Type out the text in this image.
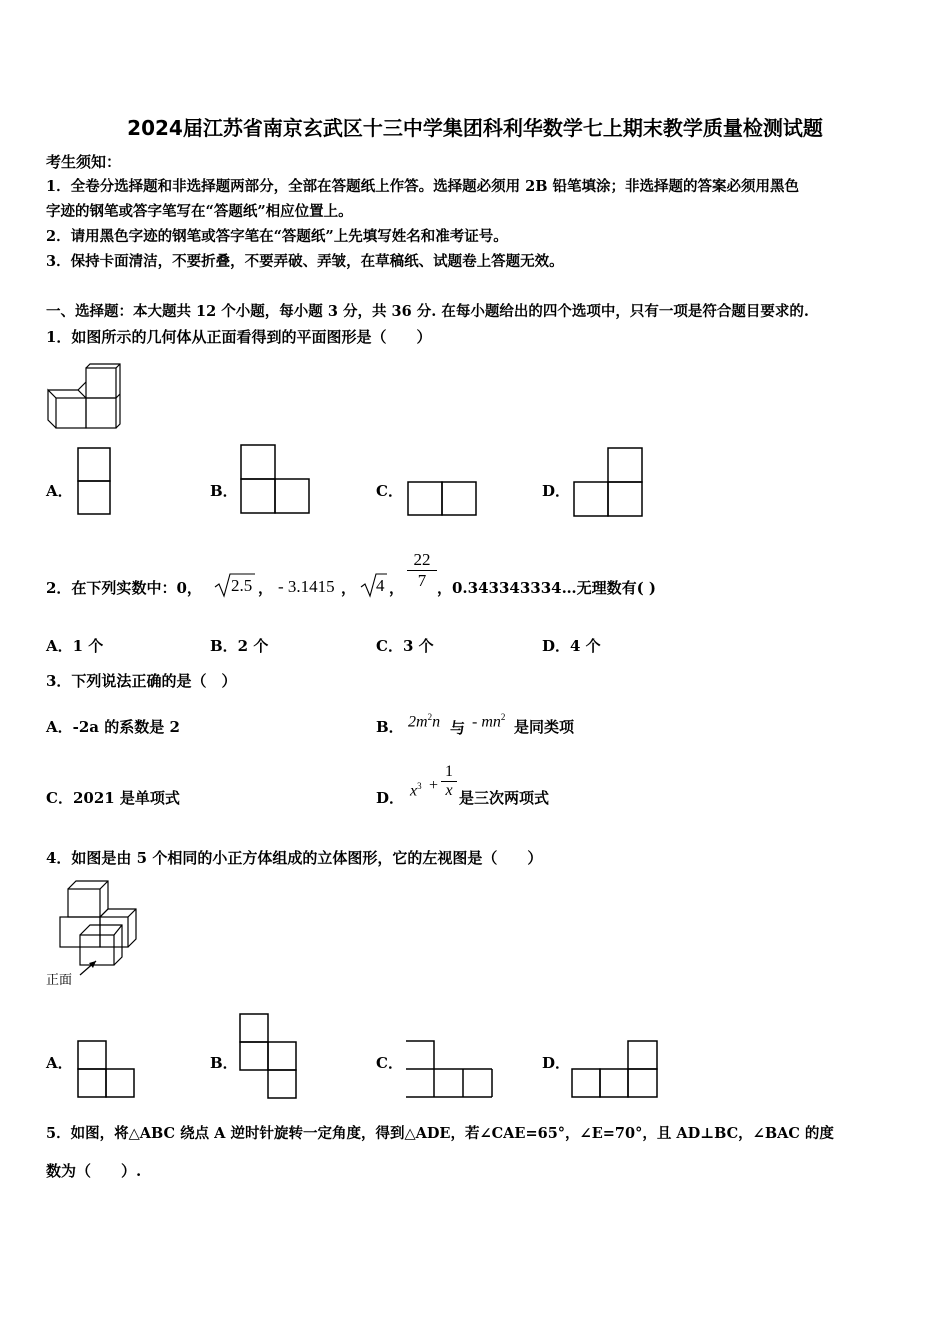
2024届江苏省南京玄武区十三中学集团科利华数学七上期末教学质量检测试题
考生须知：
1．全卷分选择题和非选择题两部分，全部在答题纸上作答。选择题必须用 2B 铅笔填涂；非选择题的答案必须用黑色
字迹的钢笔或答字笔写在“答题纸”相应位置上。
2．请用黑色字迹的钢笔或答字笔在“答题纸”上先填写姓名和准考证号。
3．保持卡面清洁，不要折叠，不要弄破、弄皱，在草稿纸、试题卷上答题无效。
一、选择题：本大题共 12 个小题，每小题 3 分，共 36 分. 在每小题给出的四个选项中，只有一项是符合题目要求的.
1．如图所示的几何体从正面看得到的平面图形是（　　）
A．	B．	C．	D．
2．在下列实数中：0， 2.5 ， - 3.1415 ， 4 ， $\frac{22}{7}$ ，0.343343334…无理数有( )
A．1 个	B．2 个	C．3 个	D．4 个
3．下列说法正确的是（　）
A．-2a 的系数是 2	B． $2m^2n$ 与 - $mn^2$
是同类项
C．2021 是单项式	D． $x^3 + \frac{1}{x}$ 是三次两项式
4．如图是由 5 个相同的小正方体组成的立体图形，它的左视图是（　　）
正面
A．	B．	C．	D．
5．如图，将△ABC 绕点 A 逆时针旋转一定角度，得到△ADE，若∠CAE=65°，∠E=70°，且 AD⊥BC，∠BAC 的度
数为（　　）.
